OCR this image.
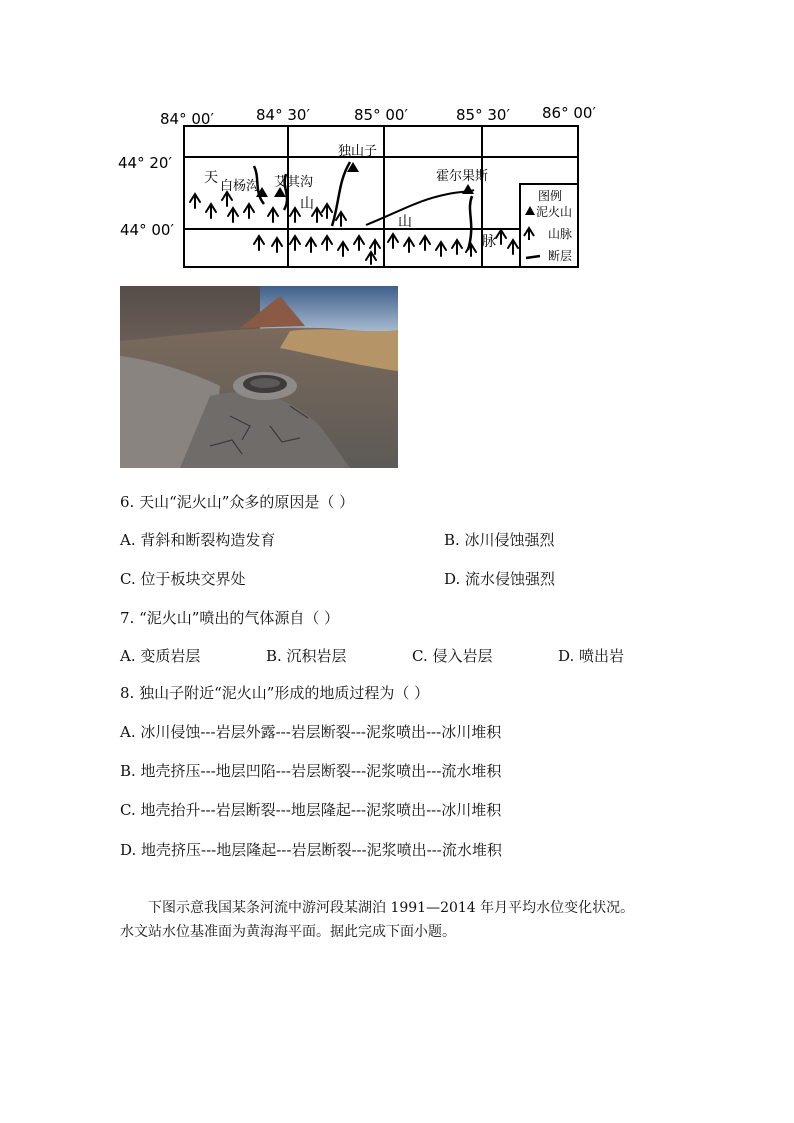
84° 00′	84° 30′	85° 00′	85° 30′ 86° 00′
44° 20′
44° 00′
独山子
白杨沟 艾其沟	霍尔果斯
天
山
山
脉
图例
泥火山
山脉
断层
6. 天山“泥火山”众多的原因是（ ）
A. 背斜和断裂构造发育	B. 冰川侵蚀强烈
C. 位于板块交界处	D. 流水侵蚀强烈
7. “泥火山”喷出的气体源自（ ）
A. 变质岩层	B. 沉积岩层	C. 侵入岩层	D. 喷出岩
8. 独山子附近“泥火山”形成的地质过程为（ ）
A. 冰川侵蚀---岩层外露---岩层断裂---泥浆喷出---冰川堆积
B. 地壳挤压---地层凹陷---岩层断裂---泥浆喷出---流水堆积
C. 地壳抬升---岩层断裂---地层隆起---泥浆喷出---冰川堆积
D. 地壳挤压---地层隆起---岩层断裂---泥浆喷出---流水堆积
下图示意我国某条河流中游河段某湖泊 1991—2014 年月平均水位变化状况。
水文站水位基准面为黄海海平面。据此完成下面小题。
